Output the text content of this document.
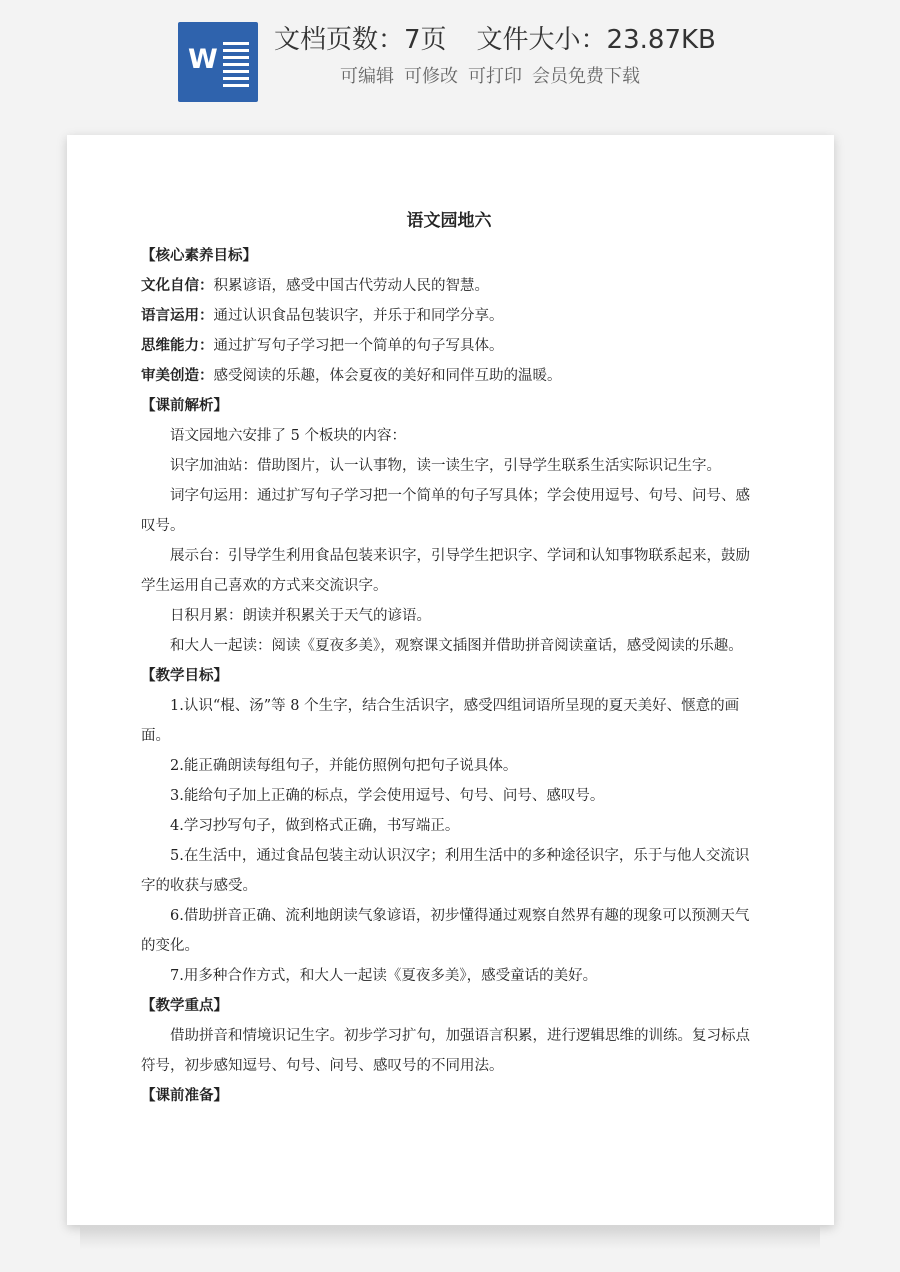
W
文档页数：7页 文件大小：23.87KB
可编辑 可修改 可打印 会员免费下载

语文园地六

【核心素养目标】

文化自信：积累谚语，感受中国古代劳动人民的智慧。

语言运用：通过认识食品包装识字，并乐于和同学分享。

思维能力：通过扩写句子学习把一个简单的句子写具体。

审美创造：感受阅读的乐趣，体会夏夜的美好和同伴互助的温暖。

【课前解析】

语文园地六安排了 5 个板块的内容：

识字加油站：借助图片，认一认事物，读一读生字，引导学生联系生活实际识记生字。

词字句运用：通过扩写句子学习把一个简单的句子写具体；学会使用逗号、句号、问号、感叹号。

展示台：引导学生利用食品包装来识字，引导学生把识字、学词和认知事物联系起来，鼓励学生运用自己喜欢的方式来交流识字。

日积月累：朗读并积累关于天气的谚语。

和大人一起读：阅读《夏夜多美》，观察课文插图并借助拼音阅读童话，感受阅读的乐趣。

【教学目标】

1.认识“棍、汤”等 8 个生字，结合生活识字，感受四组词语所呈现的夏天美好、惬意的画面。

2.能正确朗读每组句子，并能仿照例句把句子说具体。

3.能给句子加上正确的标点，学会使用逗号、句号、问号、感叹号。

4.学习抄写句子，做到格式正确，书写端正。

5.在生活中，通过食品包装主动认识汉字；利用生活中的多种途径识字，乐于与他人交流识字的收获与感受。

6.借助拼音正确、流利地朗读气象谚语，初步懂得通过观察自然界有趣的现象可以预测天气的变化。

7.用多种合作方式，和大人一起读《夏夜多美》，感受童话的美好。

【教学重点】

借助拼音和情境识记生字。初步学习扩句，加强语言积累，进行逻辑思维的训练。复习标点符号，初步感知逗号、句号、问号、感叹号的不同用法。

【课前准备】
